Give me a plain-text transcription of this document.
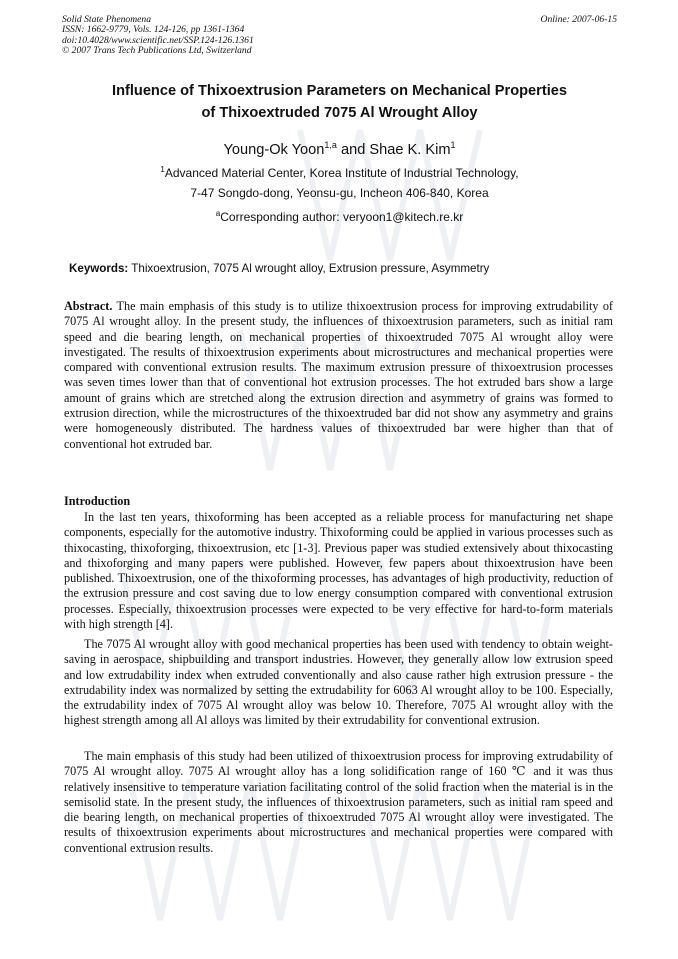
Solid State Phenomena
ISSN: 1662-9779, Vols. 124-126, pp 1361-1364
doi:10.4028/www.scientific.net/SSP.124-126.1361
© 2007 Trans Tech Publications Ltd, Switzerland
Online: 2007-06-15
Influence of Thixoextrusion Parameters on Mechanical Properties
of Thixoextruded 7075 Al Wrought Alloy
Young-Ok Yoon$^{1,a}$ and Shae K. Kim$^1$
$^1$Advanced Material Center, Korea Institute of Industrial Technology,
7-47 Songdo-dong, Yeonsu-gu, Incheon 406-840, Korea
$^a$Corresponding author: veryoon1@kitech.re.kr
Keywords: Thixoextrusion, 7075 Al wrought alloy, Extrusion pressure, Asymmetry
Abstract. The main emphasis of this study is to utilize thixoextrusion process for improving extrudability of 7075 Al wrought alloy. In the present study, the influences of thixoextrusion parameters, such as initial ram speed and die bearing length, on mechanical properties of thixoextruded 7075 Al wrought alloy were investigated. The results of thixoextrusion experiments about microstructures and mechanical properties were compared with conventional extrusion results. The maximum extrusion pressure of thixoextrusion processes was seven times lower than that of conventional hot extrusion processes. The hot extruded bars show a large amount of grains which are stretched along the extrusion direction and asymmetry of grains was formed to extrusion direction, while the microstructures of the thixoextruded bar did not show any asymmetry and grains were homogeneously distributed. The hardness values of thixoextruded bar were higher than that of conventional hot extruded bar.
Introduction
In the last ten years, thixoforming has been accepted as a reliable process for manufacturing net shape components, especially for the automotive industry. Thixoforming could be applied in various processes such as thixocasting, thixoforging, thixoextrusion, etc [1-3]. Previous paper was studied extensively about thixocasting and thixoforging and many papers were published. However, few papers about thixoextrusion have been published. Thixoextrusion, one of the thixoforming processes, has advantages of high productivity, reduction of the extrusion pressure and cost saving due to low energy consumption compared with conventional extrusion processes. Especially, thixoextrusion processes were expected to be very effective for hard-to-form materials with high strength [4].
The 7075 Al wrought alloy with good mechanical properties has been used with tendency to obtain weight-saving in aerospace, shipbuilding and transport industries. However, they generally allow low extrusion speed and low extrudability index when extruded conventionally and also cause rather high extrusion pressure - the extrudability index was normalized by setting the extrudability for 6063 Al wrought alloy to be 100. Especially, the extrudability index of 7075 Al wrought alloy was below 10. Therefore, 7075 Al wrought alloy with the highest strength among all Al alloys was limited by their extrudability for conventional extrusion.
The main emphasis of this study had been utilized of thixoextrusion process for improving extrudability of 7075 Al wrought alloy. 7075 Al wrought alloy has a long solidification range of 160 ℃ and it was thus relatively insensitive to temperature variation facilitating control of the solid fraction when the material is in the semisolid state. In the present study, the influences of thixoextrusion parameters, such as initial ram speed and die bearing length, on mechanical properties of thixoextruded 7075 Al wrought alloy were investigated. The results of thixoextrusion experiments about microstructures and mechanical properties were compared with conventional extrusion results.
